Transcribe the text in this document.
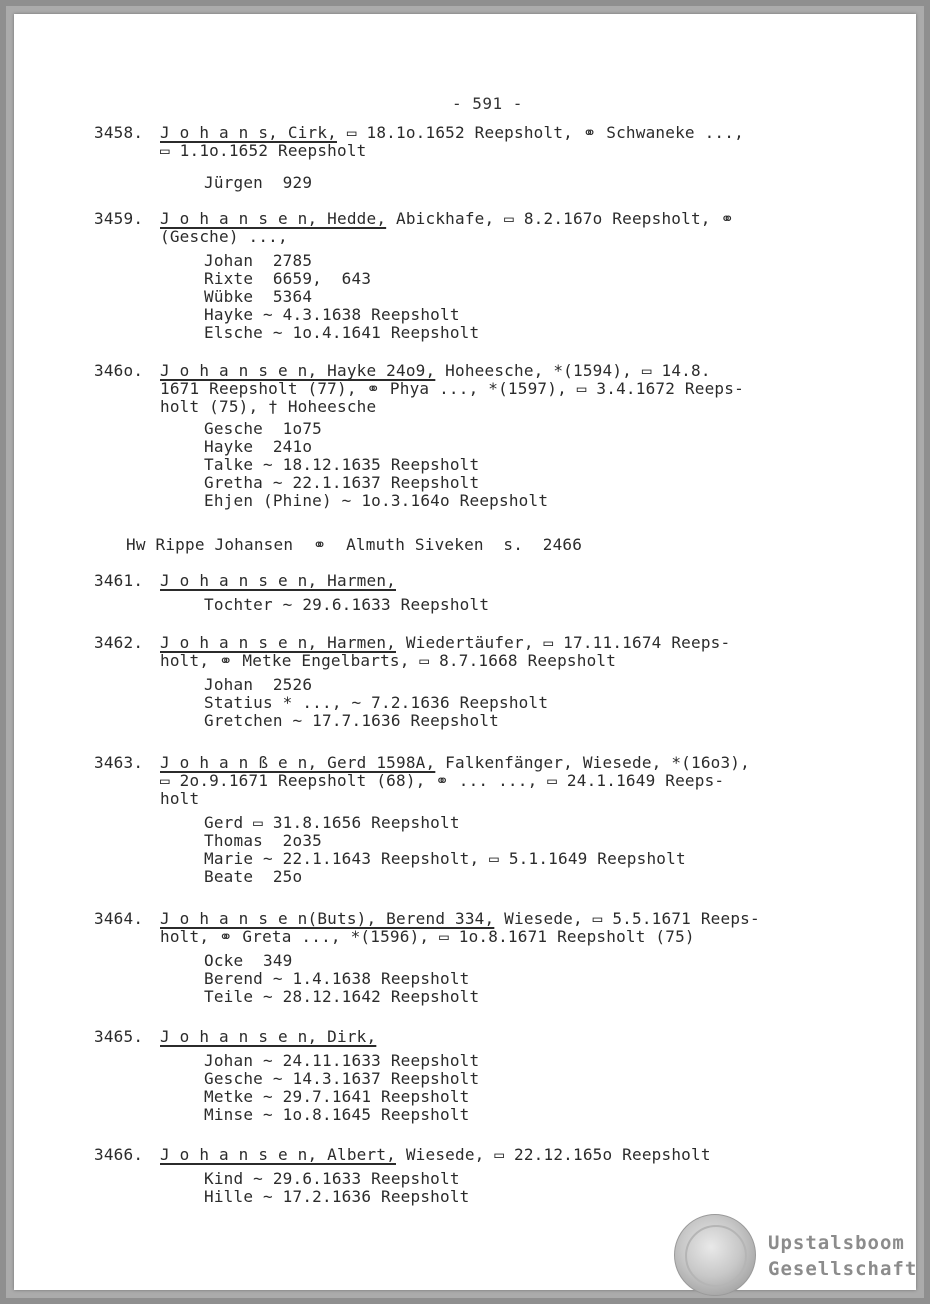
- 591 -
3458. J o h a n s, Cirk, ▭ 18.1o.1652 Reepsholt, ⚭ Schwaneke ...,
▭ 1.1o.1652 Reepsholt
Jürgen  929
3459. J o h a n s e n, Hedde, Abickhafe, ▭ 8.2.167o Reepsholt, ⚭
(Gesche) ...,
Johan  2785
Rixte  6659,  643
Wübke  5364
Hayke ~ 4.3.1638 Reepsholt
Elsche ~ 1o.4.1641 Reepsholt
346o. J o h a n s e n, Hayke 24o9, Hoheesche, *(1594), ▭ 14.8.
1671 Reepsholt (77), ⚭ Phya ..., *(1597), ▭ 3.4.1672 Reeps-
holt (75), † Hoheesche
Gesche  1o75
Hayke  241o
Talke ~ 18.12.1635 Reepsholt
Gretha ~ 22.1.1637 Reepsholt
Ehjen (Phine) ~ 1o.3.164o Reepsholt
Hw Rippe Johansen  ⚭  Almuth Siveken  s.  2466
3461. J o h a n s e n, Harmen,
Tochter ~ 29.6.1633 Reepsholt
3462. J o h a n s e n, Harmen, Wiedertäufer, ▭ 17.11.1674 Reeps-
holt, ⚭ Metke Engelbarts, ▭ 8.7.1668 Reepsholt
Johan  2526
Statius * ..., ~ 7.2.1636 Reepsholt
Gretchen ~ 17.7.1636 Reepsholt
3463. J o h a n ß e n, Gerd 1598A, Falkenfänger, Wiesede, *(16o3),
▭ 2o.9.1671 Reepsholt (68), ⚭ ... ..., ▭ 24.1.1649 Reeps-
holt
Gerd ▭ 31.8.1656 Reepsholt
Thomas  2o35
Marie ~ 22.1.1643 Reepsholt, ▭ 5.1.1649 Reepsholt
Beate  25o
3464. J o h a n s e n(Buts), Berend 334, Wiesede, ▭ 5.5.1671 Reeps-
holt, ⚭ Greta ..., *(1596), ▭ 1o.8.1671 Reepsholt (75)
Ocke  349
Berend ~ 1.4.1638 Reepsholt
Teile ~ 28.12.1642 Reepsholt
3465. J o h a n s e n, Dirk,
Johan ~ 24.11.1633 Reepsholt
Gesche ~ 14.3.1637 Reepsholt
Metke ~ 29.7.1641 Reepsholt
Minse ~ 1o.8.1645 Reepsholt
3466. J o h a n s e n, Albert, Wiesede, ▭ 22.12.165o Reepsholt
Kind ~ 29.6.1633 Reepsholt
Hille ~ 17.2.1636 Reepsholt
Upstalsboom
Gesellschaft
